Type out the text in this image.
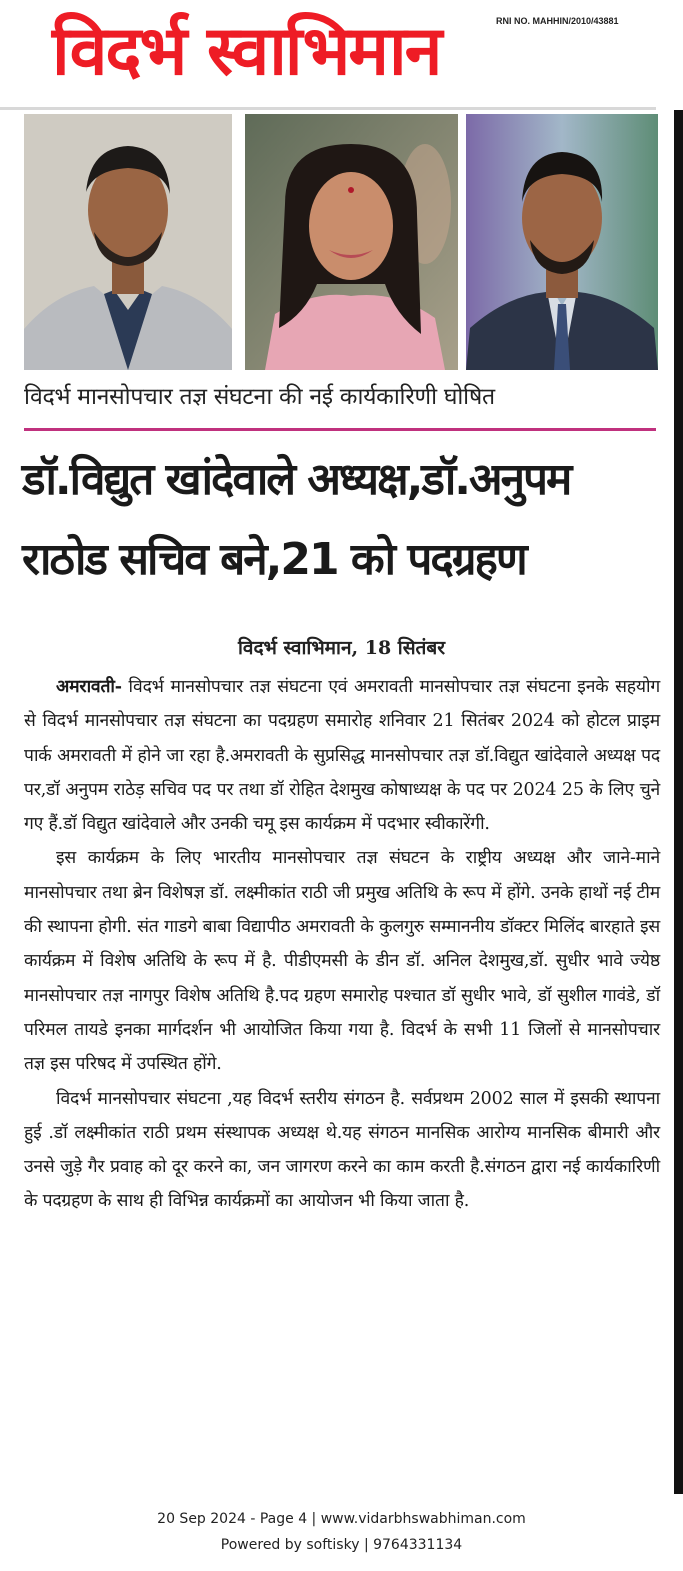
विदर्भ स्वाभिमान	RNI NO. MAHHIN/2010/43881
विदर्भ मानसोपचार तज्ञ संघटना की नई कार्यकारिणी घोषित
डॉ.विद्युत खांदेवाले अध्यक्ष,डॉ.अनुपम
राठोड सचिव बने,21 को पदग्रहण
विदर्भ स्वाभिमान, 18 सितंबर

अमरावती- विदर्भ मानसोपचार तज्ञ संघटना एवं अमरावती मानसोपचार तज्ञ संघटना इनके सहयोग से विदर्भ मानसोपचार तज्ञ संघटना का पदग्रहण समारोह शनिवार 21 सितंबर 2024 को होटल प्राइम पार्क अमरावती में होने जा रहा है.अमरावती के सुप्रसिद्ध मानसोपचार तज्ञ डॉ.विद्युत खांदेवाले अध्यक्ष पद पर,डॉ अनुपम राठेड़ सचिव पद पर तथा डॉ रोहित देशमुख कोषाध्यक्ष के पद पर 2024 25 के लिए चुने गए हैं.डॉ विद्युत खांदेवाले और उनकी चमू इस कार्यक्रम में पदभार स्वीकारेंगी.

इस कार्यक्रम के लिए भारतीय मानसोपचार तज्ञ संघटन के राष्ट्रीय अध्यक्ष और जाने-माने मानसोपचार तथा ब्रेन विशेषज्ञ डॉ. लक्ष्मीकांत राठी जी प्रमुख अतिथि के रूप में होंगे. उनके हाथों नई टीम की स्थापना होगी. संत गाडगे बाबा विद्यापीठ अमरावती के कुलगुरु सम्माननीय डॉक्टर मिलिंद बारहाते इस कार्यक्रम में विशेष अतिथि के रूप में है. पीडीएमसी के डीन डॉ. अनिल देशमुख,डॉ. सुधीर भावे ज्येष्ठ मानसोपचार तज्ञ नागपुर विशेष अतिथि है.पद ग्रहण समारोह पश्चात डॉ सुधीर भावे, डॉ सुशील गावंडे, डॉ परिमल तायडे इनका मार्गदर्शन भी आयोजित किया गया है. विदर्भ के सभी 11 जिलों से मानसोपचार तज्ञ इस परिषद में उपस्थित होंगे.

विदर्भ मानसोपचार संघटना ,यह विदर्भ स्तरीय संगठन है. सर्वप्रथम 2002 साल में इसकी स्थापना हुई .डॉ लक्ष्मीकांत राठी प्रथम संस्थापक अध्यक्ष थे.यह संगठन मानसिक आरोग्य मानसिक बीमारी और उनसे जुड़े गैर प्रवाह को दूर करने का, जन जागरण करने का काम करती है.संगठन द्वारा नई कार्यकारिणी के पदग्रहण के साथ ही विभिन्न कार्यक्रमों का आयोजन भी किया जाता है.

20 Sep 2024 - Page 4 | www.vidarbhswabhiman.com
Powered by softisky | 9764331134
